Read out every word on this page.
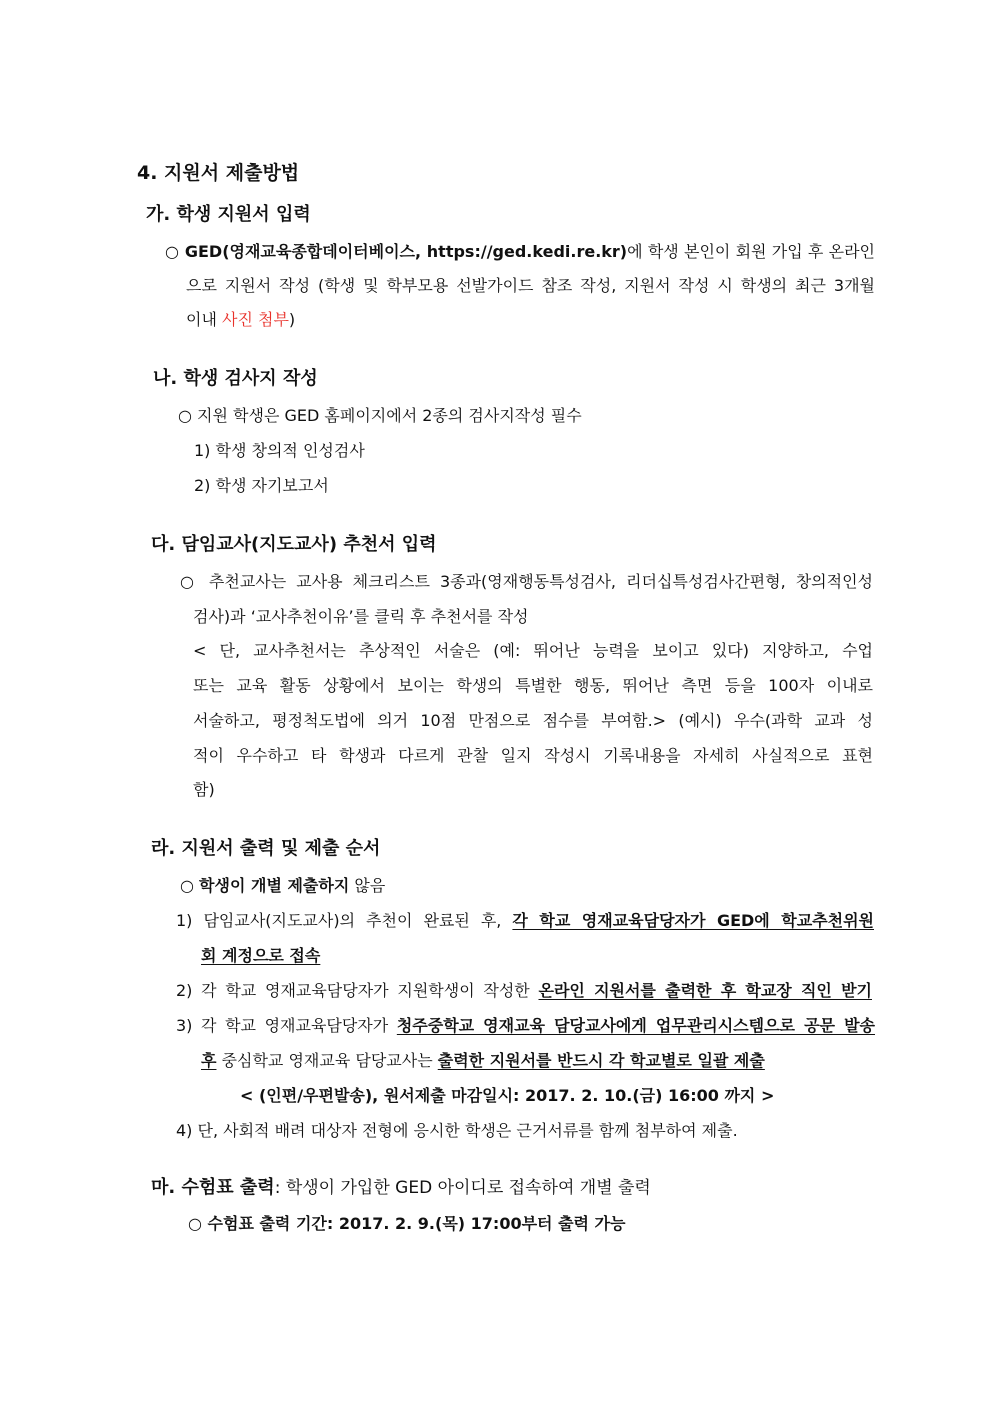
4. 지원서 제출방법
가. 학생 지원서 입력
○ GED(영재교육종합데이터베이스, https://ged.kedi.re.kr)에 학생 본인이 회원 가입 후 온라인
으로 지원서 작성 (학생 및 학부모용 선발가이드 참조 작성, 지원서 작성 시 학생의 최근 3개월
이내 사진 첨부)
나. 학생 검사지 작성
○ 지원 학생은 GED 홈페이지에서 2종의 검사지작성 필수
1) 학생 창의적 인성검사
2) 학생 자기보고서
다. 담임교사(지도교사) 추천서 입력
○ 추천교사는 교사용 체크리스트 3종과(영재행동특성검사, 리더십특성검사간편형, 창의적인성
검사)과 ‘교사추천이유’를 클릭 후 추천서를 작성
< 단, 교사추천서는 추상적인 서술은 (예: 뛰어난 능력을 보이고 있다) 지양하고, 수업
또는 교육 활동 상황에서 보이는 학생의 특별한 행동, 뛰어난 측면 등을 100자 이내로
서술하고, 평정척도법에 의거 10점 만점으로 점수를 부여함.> (예시) 우수(과학 교과 성
적이 우수하고 타 학생과 다르게 관찰 일지 작성시 기록내용을 자세히 사실적으로 표현
함)
라. 지원서 출력 및 제출 순서
○ 학생이 개별 제출하지 않음
1) 담임교사(지도교사)의 추천이 완료된 후, 각 학교 영재교육담당자가 GED에 학교추천위원
회 계정으로 접속
2) 각 학교 영재교육담당자가 지원학생이 작성한 온라인 지원서를 출력한 후 학교장 직인 받기
3) 각 학교 영재교육담당자가 청주중학교 영재교육 담당교사에게 업무관리시스템으로 공문 발송
후 중심학교 영재교육 담당교사는 출력한 지원서를 반드시 각 학교별로 일괄 제출
< (인편/우편발송), 원서제출 마감일시: 2017. 2. 10.(금) 16:00 까지 >
4) 단, 사회적 배려 대상자 전형에 응시한 학생은 근거서류를 함께 첨부하여 제출.
마. 수험표 출력: 학생이 가입한 GED 아이디로 접속하여 개별 출력
○ 수험표 출력 기간: 2017. 2. 9.(목) 17:00부터 출력 가능
